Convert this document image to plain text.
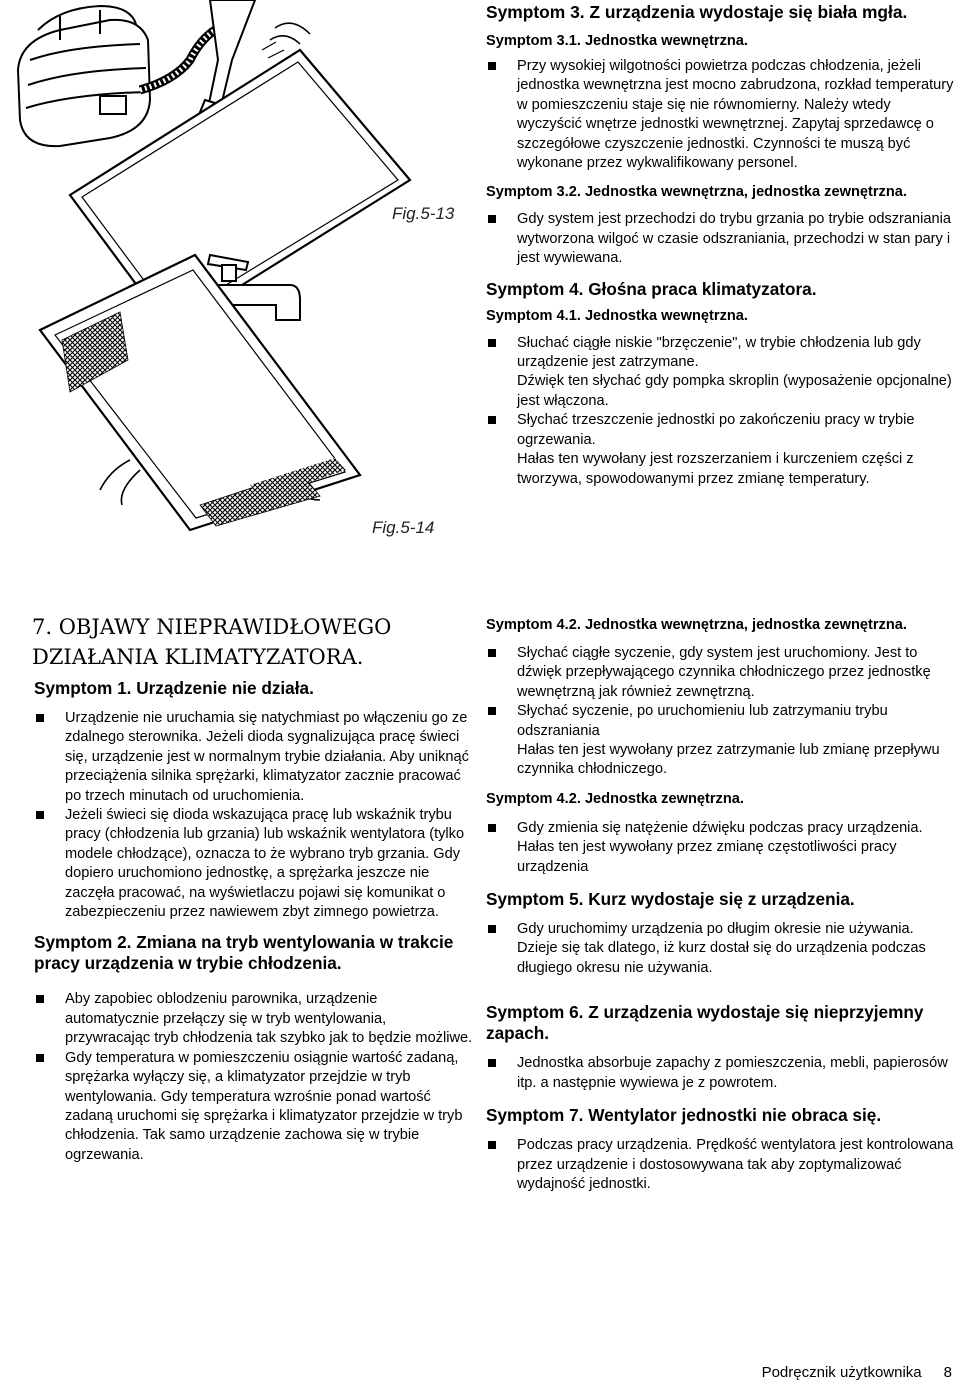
Fig.5-13
Fig.5-14
Symptom 3. Z urządzenia wydostaje się biała mgła.
Symptom 3.1. Jednostka wewnętrzna.

Przy wysokiej wilgotności powietrza podczas chłodzenia, jeżeli jednostka wewnętrzna jest mocno zabrudzona, rozkład temperatury w pomieszczeniu staje się nie równomierny. Należy wtedy wyczyścić wnętrze jednostki wewnętrznej. Zapytaj sprzedawcę o szczegółowe czyszczenie jednostki. Czynności te muszą być wykonane przez wykwalifikowany personel.

Symptom 3.2. Jednostka wewnętrzna, jednostka zewnętrzna.

Gdy system jest przechodzi do trybu grzania po trybie odszraniania wytworzona wilgoć w czasie odszraniania, przechodzi w stan pary i jest wywiewana.

Symptom 4. Głośna praca klimatyzatora.
Symptom 4.1. Jednostka wewnętrzna.

Słuchać ciągłe niskie "brzęczenie", w trybie chłodzenia lub gdy urządzenie jest zatrzymane.

Dźwięk ten słychać gdy pompka skroplin (wyposażenie opcjonalne) jest włączona.

Słychać trzeszczenie jednostki po zakończeniu pracy w trybie ogrzewania.

Hałas ten wywołany jest rozszerzaniem i kurczeniem części z tworzywa, spowodowanymi przez zmianę temperatury.

7. OBJAWY NIEPRAWIDŁOWEGO DZIAŁANIA KLIMATYZATORA.
Symptom 1. Urządzenie nie działa.

Urządzenie nie uruchamia się natychmiast po włączeniu go ze zdalnego sterownika. Jeżeli dioda sygnalizująca pracę świeci się, urządzenie jest w normalnym trybie działania. Aby uniknąć przeciążenia silnika sprężarki, klimatyzator zacznie pracować po trzech minutach od uruchomienia.

Jeżeli świeci się dioda wskazująca pracę lub wskaźnik trybu pracy (chłodzenia lub grzania) lub wskaźnik wentylatora (tylko modele chłodzące), oznacza to że wybrano tryb grzania. Gdy dopiero uruchomiono jednostkę, a sprężarka jeszcze nie zaczęła pracować, na wyświetlaczu pojawi się komunikat o zabezpieczeniu przez nawiewem zbyt zimnego powietrza.

Symptom 2. Zmiana na tryb wentylowania w trakcie pracy urządzenia w trybie chłodzenia.

Aby zapobiec oblodzeniu parownika, urządzenie automatycznie przełączy się w tryb wentylowania, przywracając tryb chłodzenia tak szybko jak to będzie możliwe.

Gdy temperatura w pomieszczeniu osiągnie wartość zadaną, sprężarka wyłączy się, a klimatyzator przejdzie w tryb wentylowania. Gdy temperatura wzrośnie ponad wartość zadaną uruchomi się sprężarka i klimatyzator przejdzie w tryb chłodzenia. Tak samo urządzenie zachowa się w trybie ogrzewania.

Symptom 4.2. Jednostka wewnętrzna, jednostka zewnętrzna.

Słychać ciągłe syczenie, gdy system jest uruchomiony. Jest to dźwięk przepływającego czynnika chłodniczego przez jednostkę wewnętrzną jak również zewnętrzną.

Słychać syczenie, po uruchomieniu lub zatrzymaniu trybu odszraniania

Hałas ten jest wywołany przez zatrzymanie lub zmianę przepływu czynnika chłodniczego.

Symptom 4.2. Jednostka zewnętrzna.

Gdy zmienia się natężenie dźwięku podczas pracy urządzenia.

Hałas ten jest wywołany przez zmianę częstotliwości pracy urządzenia

Symptom 5. Kurz wydostaje się z urządzenia.

Gdy uruchomimy urządzenia po długim okresie nie używania.

Dzieje się tak dlatego, iż kurz dostał się do urządzenia podczas długiego okresu nie używania.

Symptom 6. Z urządzenia wydostaje się nieprzyjemny zapach.

Jednostka absorbuje zapachy z pomieszczenia, mebli, papierosów itp. a następnie wywiewa je z powrotem.

Symptom 7. Wentylator jednostki nie obraca się.

Podczas pracy urządzenia. Prędkość wentylatora jest kontrolowana przez urządzenie i dostosowywana tak aby zoptymalizować wydajność jednostki.

Podręcznik użytkownika 8
